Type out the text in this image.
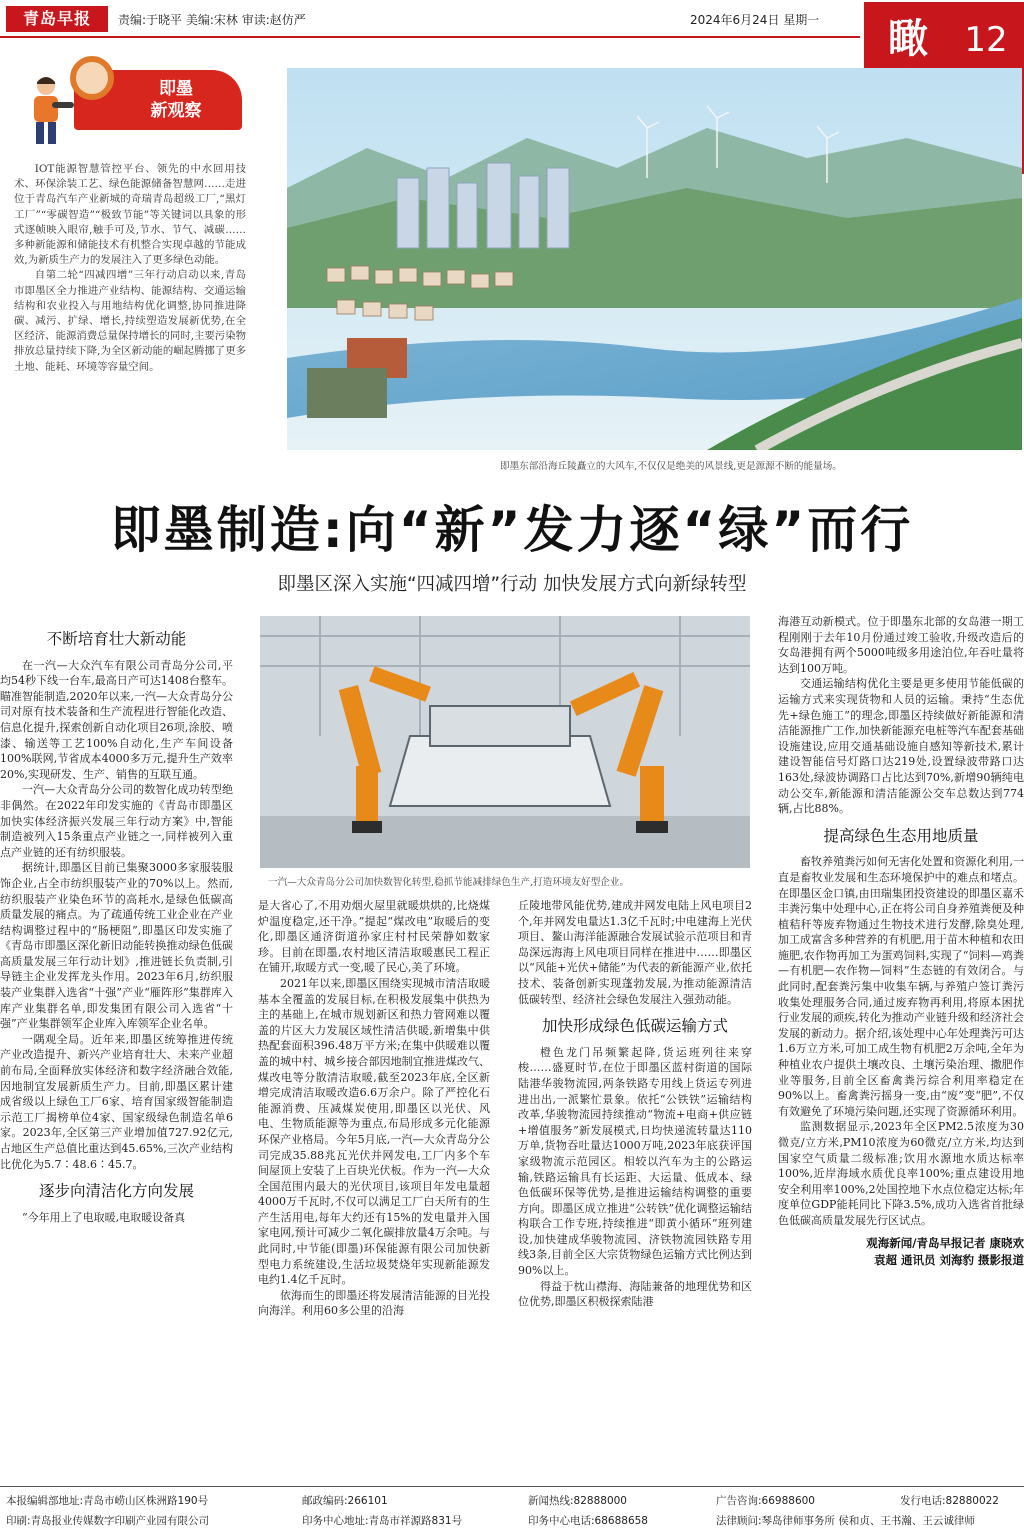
青岛早报	责编:于晓平 美编:宋林 审读:赵仿严	2024年6月24日 星期一 瞰	12
即墨
新观察

IOT能源智慧管控平台、领先的中水回用技术、环保涂装工艺、绿色能源储备智慧网……走进位于青岛汽车产业新城的奇瑞青岛超级工厂,“黑灯工厂”“零碳智造”“极致节能”等关键词以具象的形式逐帧映入眼帘,触手可及,节水、节气、减碳……多种新能源和储能技术有机整合实现卓越的节能成效,为新质生产力的发展注入了更多绿色动能。

自第二轮“四减四增”三年行动启动以来,青岛市即墨区全力推进产业结构、能源结构、交通运输结构和农业投入与用地结构优化调整,协同推进降碳、减污、扩绿、增长,持续塑造发展新优势,在全区经济、能源消费总量保持增长的同时,主要污染物排放总量持续下降,为全区新动能的崛起腾挪了更多土地、能耗、环境等容量空间。

即墨东部沿海丘陵矗立的大风车,不仅仅是绝美的风景线,更是源源不断的能量场。
即墨制造:向“新”发力逐“绿”而行
即墨区深入实施“四减四增”行动 加快发展方式向新绿转型
不断培育壮大新动能

在一汽—大众汽车有限公司青岛分公司,平均54秒下线一台车,最高日产可达1408台整车。瞄准智能制造,2020年以来,一汽—大众青岛分公司对原有技术装备和生产流程进行智能化改造、信息化提升,探索创新自动化项目26项,涂胶、喷漆、输送等工艺100%自动化,生产车间设备100%联网,节省成本4000多万元,提升生产效率20%,实现研发、生产、销售的互联互通。

一汽—大众青岛分公司的数智化成功转型绝非偶然。在2022年印发实施的《青岛市即墨区加快实体经济振兴发展三年行动方案》中,智能制造被列入15条重点产业链之一,同样被列入重点产业链的还有纺织服装。

据统计,即墨区目前已集聚3000多家服装服饰企业,占全市纺织服装产业的70%以上。然而,纺织服装产业染色环节的高耗水,是绿色低碳高质量发展的痛点。为了疏通传统工业企业在产业结构调整过程中的“肠梗阻”,即墨区印发实施了《青岛市即墨区深化新旧动能转换推动绿色低碳高质量发展三年行动计划》,推进链长负责制,引导链主企业发挥龙头作用。2023年6月,纺织服装产业集群入选省“十强”产业“雁阵形”集群库入库产业集群名单,即发集团有限公司入选省“十强”产业集群领军企业库入库领军企业名单。

一隅观全局。近年来,即墨区统筹推进传统产业改造提升、新兴产业培育壮大、未来产业超前布局,全面释放实体经济和数字经济融合效能,因地制宜发展新质生产力。目前,即墨区累计建成省级以上绿色工厂6家、培育国家级智能制造示范工厂揭榜单位4家、国家级绿色制造名单6家。2023年,全区第三产业增加值727.92亿元,占地区生产总值比重达到45.65%,三次产业结构比优化为5.7∶48.6∶45.7。

逐步向清洁化方向发展

“今年用上了电取暖,电取暖设备真

一汽—大众青岛分公司加快数智化转型,稳抓节能减排绿色生产,打造环境友好型企业。

是大省心了,不用劝烟火屋里就暖烘烘的,比烧煤炉温度稳定,还干净。”提起“煤改电”取暖后的变化,即墨区通济街道孙家庄村村民荣静如数家珍。目前在即墨,农村地区清洁取暖惠民工程正在铺开,取暖方式一变,暖了民心,美了环境。

2021年以来,即墨区围绕实现城市清洁取暖基本全覆盖的发展目标,在积极发展集中供热为主的基础上,在城市规划新区和热力管网难以覆盖的片区大力发展区域性清洁供暖,新增集中供热配套面积396.48万平方米;在集中供暖难以覆盖的城中村、城乡接合部因地制宜推进煤改气、煤改电等分散清洁取暖,截至2023年底,全区新增完成清洁取暖改造6.6万余户。除了严控化石能源消费、压减煤炭使用,即墨区以光伏、风电、生物质能源等为重点,布局形成多元化能源环保产业格局。今年5月底,一汽—大众青岛分公司完成35.88兆瓦光伏并网发电,工厂内多个车间屋顶上安装了上百块光伏板。作为一汽—大众全国范围内最大的光伏项目,该项目年发电量超4000万千瓦时,不仅可以满足工厂白天所有的生产生活用电,每年大约还有15%的发电量并入国家电网,预计可减少二氧化碳排放量4万余吨。与此同时,中节能(即墨)环保能源有限公司加快新型电力系统建设,生活垃圾焚烧年实现新能源发电约1.4亿千瓦时。

依海而生的即墨还将发展清洁能源的目光投向海洋。利用60多公里的沿海

丘陵地带风能优势,建成并网发电陆上风电项目2个,年并网发电量达1.3亿千瓦时;中电建海上光伏项目、鳌山海洋能源融合发展试验示范项目和青岛深远海海上风电项目同样在推进中……即墨区以“风能+光伏+储能”为代表的新能源产业,依托技术、装备创新实现蓬勃发展,为推动能源清洁低碳转型、经济社会绿色发展注入强劲动能。

加快形成绿色低碳运输方式

橙色龙门吊频繁起降,货运班列往来穿梭……盛夏时节,在位于即墨区蓝村街道的国际陆港华骏物流园,两条铁路专用线上货运专列进进出出,一派繁忙景象。依托“公铁铁”运输结构改革,华骏物流园持续推动“物流+电商+供应链+增值服务”新发展模式,日均快递流转量达110万单,货物吞吐量达1000万吨,2023年底获评国家级物流示范园区。相较以汽车为主的公路运输,铁路运输具有长运距、大运量、低成本、绿色低碳环保等优势,是推进运输结构调整的重要方向。即墨区成立推进“公转铁”优化调整运输结构联合工作专班,持续推进“即黄小循环”班列建设,加快建成华骏物流园、济铁物流园铁路专用线3条,目前全区大宗货物绿色运输方式比例达到90%以上。

得益于枕山襟海、海陆兼备的地理优势和区位优势,即墨区积极探索陆港

海港互动新模式。位于即墨东北部的女岛港一期工程刚刚于去年10月份通过竣工验收,升级改造后的女岛港拥有两个5000吨级多用途泊位,年吞吐量将达到100万吨。

交通运输结构优化主要是更多使用节能低碳的运输方式来实现货物和人员的运输。秉持“生态优先+绿色施工”的理念,即墨区持续做好新能源和清洁能源推广工作,加快新能源充电桩等汽车配套基础设施建设,应用交通基础设施自感知等新技术,累计建设智能信号灯路口达219处,设置绿波带路口达163处,绿波协调路口占比达到70%,新增90辆纯电动公交车,新能源和清洁能源公交车总数达到774辆,占比88%。

提高绿色生态用地质量

畜牧养殖粪污如何无害化处置和资源化利用,一直是畜牧业发展和生态环境保护中的难点和堵点。在即墨区金口镇,由田瑞集团投资建设的即墨区嘉禾丰粪污集中处理中心,正在将公司自身养殖粪便及种植秸秆等废弃物通过生物技术进行发酵,除臭处理,加工成富含多种营养的有机肥,用于苗木种植和农田施肥,农作物再加工为蛋鸡饲料,实现了“饲料—鸡粪—有机肥—农作物—饲料”生态链的有效闭合。与此同时,配套粪污集中收集车辆,与养殖户签订粪污收集处理服务合同,通过废弃物再利用,将原本困扰行业发展的顽疾,转化为推动产业链升级和经济社会发展的新动力。据介绍,该处理中心年处理粪污可达1.6万立方米,可加工成生物有机肥2万余吨,全年为种植业农户提供土壤改良、土壤污染治理、撒肥作业等服务,目前全区畜禽粪污综合利用率稳定在90%以上。畜禽粪污摇身一变,由“废”变“肥”,不仅有效避免了环境污染问题,还实现了资源循环利用。

监测数据显示,2023年全区PM2.5浓度为30微克/立方米,PM10浓度为60微克/立方米,均达到国家空气质量二级标准;饮用水源地水质达标率100%,近岸海域水质优良率100%;重点建设用地安全利用率100%,2处国控地下水点位稳定达标;年度单位GDP能耗同比下降3.5%,成功入选省首批绿色低碳高质量发展先行区试点。

观海新闻/青岛早报记者 康晓欢
袁超 通讯员 刘海豹 摄影报道
本报编辑部地址:青岛市崂山区株洲路190号	邮政编码:266101	新闻热线:82888000	广告咨询:66988600	发行电话:82880022
印刷:青岛报业传媒数字印刷产业园有限公司	印务中心地址:青岛市祥源路831号	印务中心电话:68688658	法律顾问:琴岛律师事务所 侯和贞、王书瀚、王云诚律师
